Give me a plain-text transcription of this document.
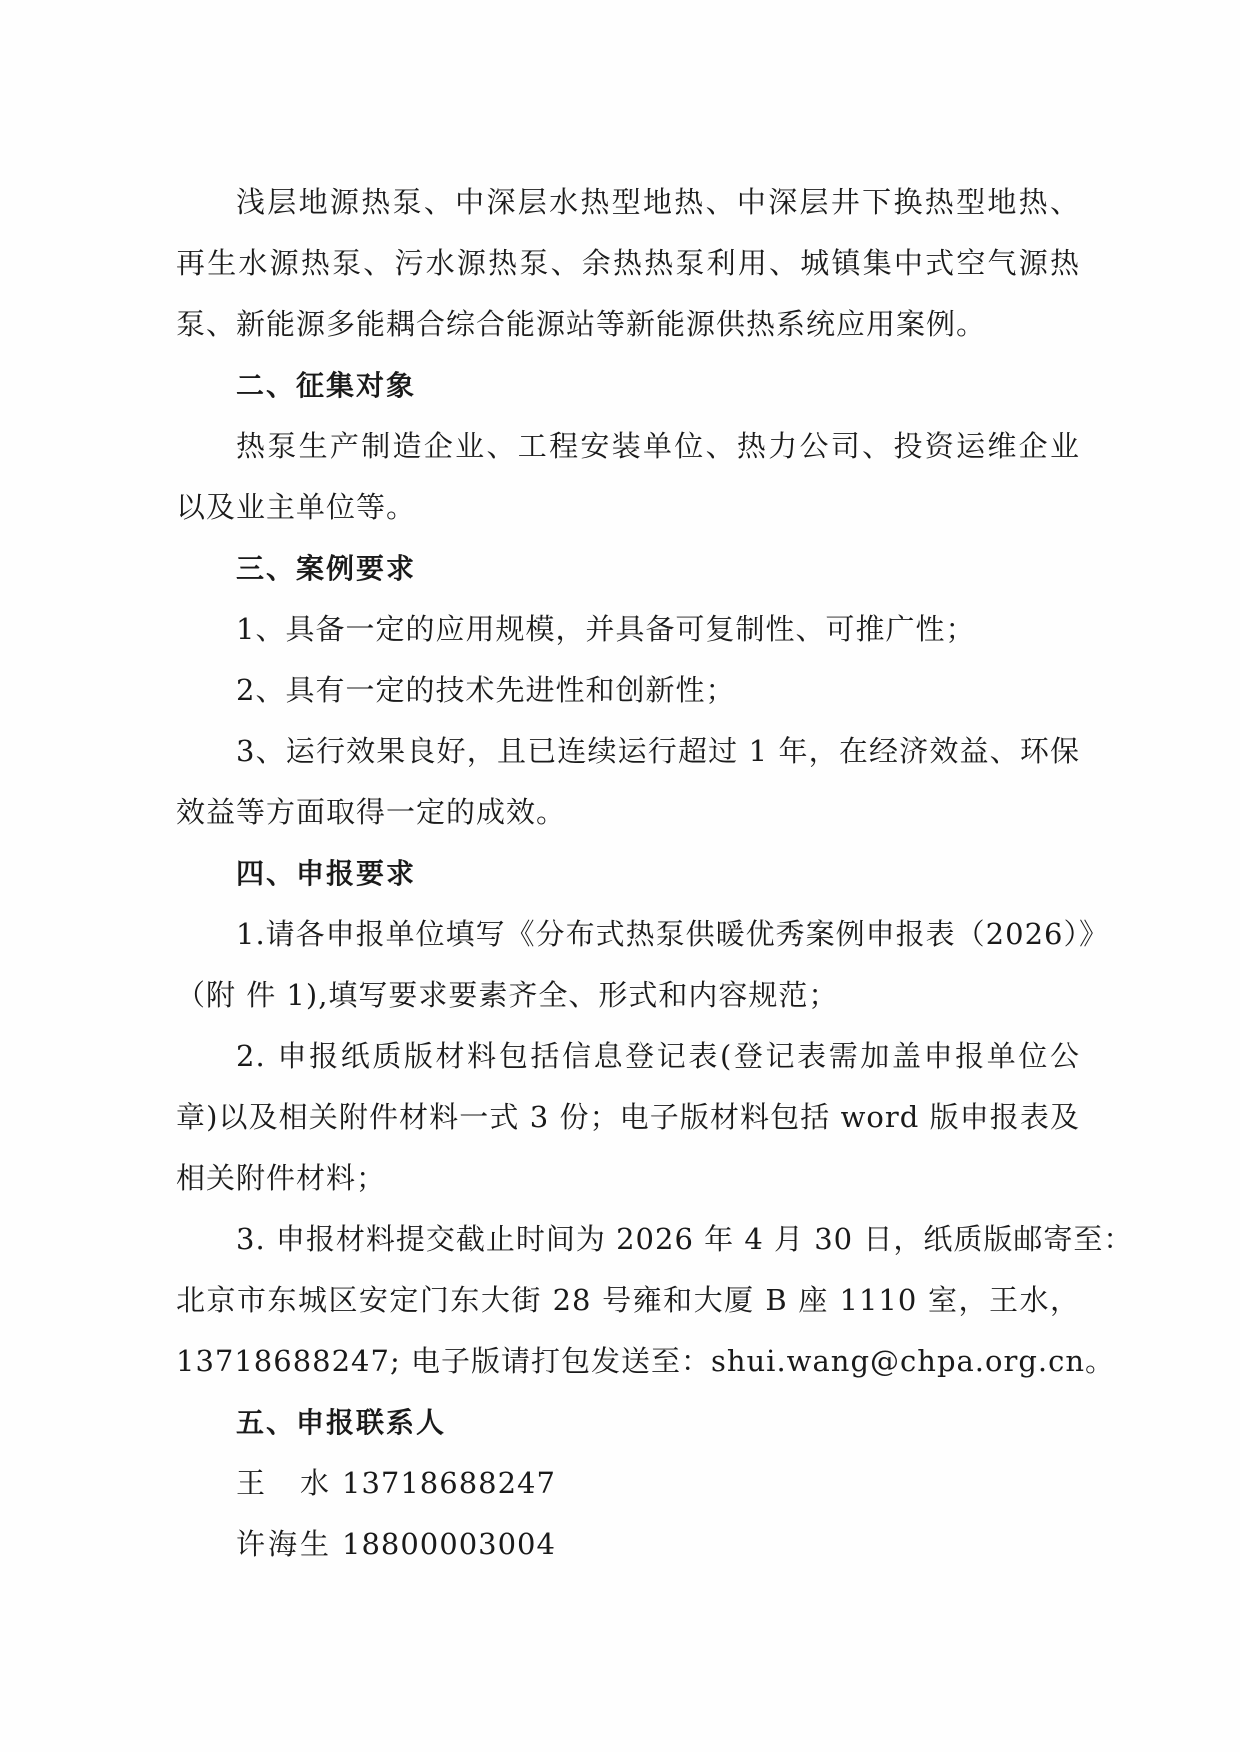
浅层地源热泵、中深层水热型地热、中深层井下换热型地热、
再生水源热泵、污水源热泵、余热热泵利用、城镇集中式空气源热
泵、新能源多能耦合综合能源站等新能源供热系统应用案例。
二、征集对象
热泵生产制造企业、工程安装单位、热力公司、投资运维企业
以及业主单位等。
三、案例要求
1、具备一定的应用规模，并具备可复制性、可推广性；
2、具有一定的技术先进性和创新性；
3、运行效果良好，且已连续运行超过 1 年，在经济效益、环保
效益等方面取得一定的成效。
四、申报要求
1.请各申报单位填写《分布式热泵供暖优秀案例申报表（2026）》
（附 件 1),填写要求要素齐全、形式和内容规范；
2. 申报纸质版材料包括信息登记表(登记表需加盖申报单位公
章)以及相关附件材料一式 3 份；电子版材料包括 word 版申报表及
相关附件材料；
3. 申报材料提交截止时间为 2026 年 4 月 30 日，纸质版邮寄至：
北京市东城区安定门东大街 28 号雍和大厦 B 座 1110 室，王水，
13718688247; 电子版请打包发送至：shui.wang@chpa.org.cn。
五、申报联系人
王 水 13718688247
许海生 18800003004
